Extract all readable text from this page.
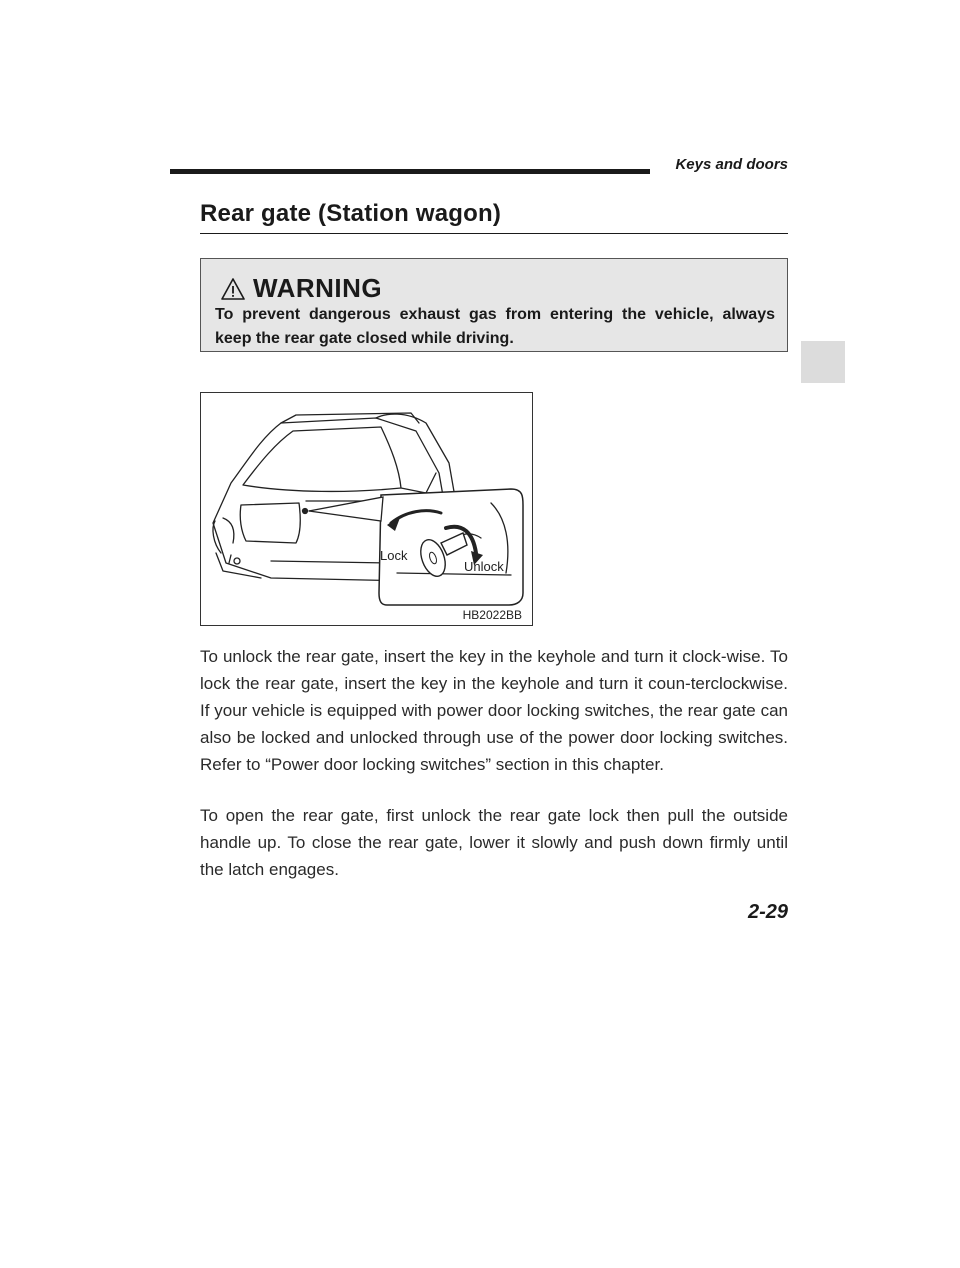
Keys and doors
Rear gate (Station wagon)
WARNING
To prevent dangerous exhaust gas from entering the vehicle, always keep the rear gate closed while driving.
Lock
Unlock
HB2022BB

To unlock the rear gate, insert the key in the keyhole and turn it clock-wise. To lock the rear gate, insert the key in the keyhole and turn it coun-terclockwise. If your vehicle is equipped with power door locking switches, the rear gate can also be locked and unlocked through use of the power door locking switches. Refer to “Power door locking switches” section in this chapter.

To open the rear gate, first unlock the rear gate lock then pull the outside handle up. To close the rear gate, lower it slowly and push down firmly until the latch engages.

2-29
